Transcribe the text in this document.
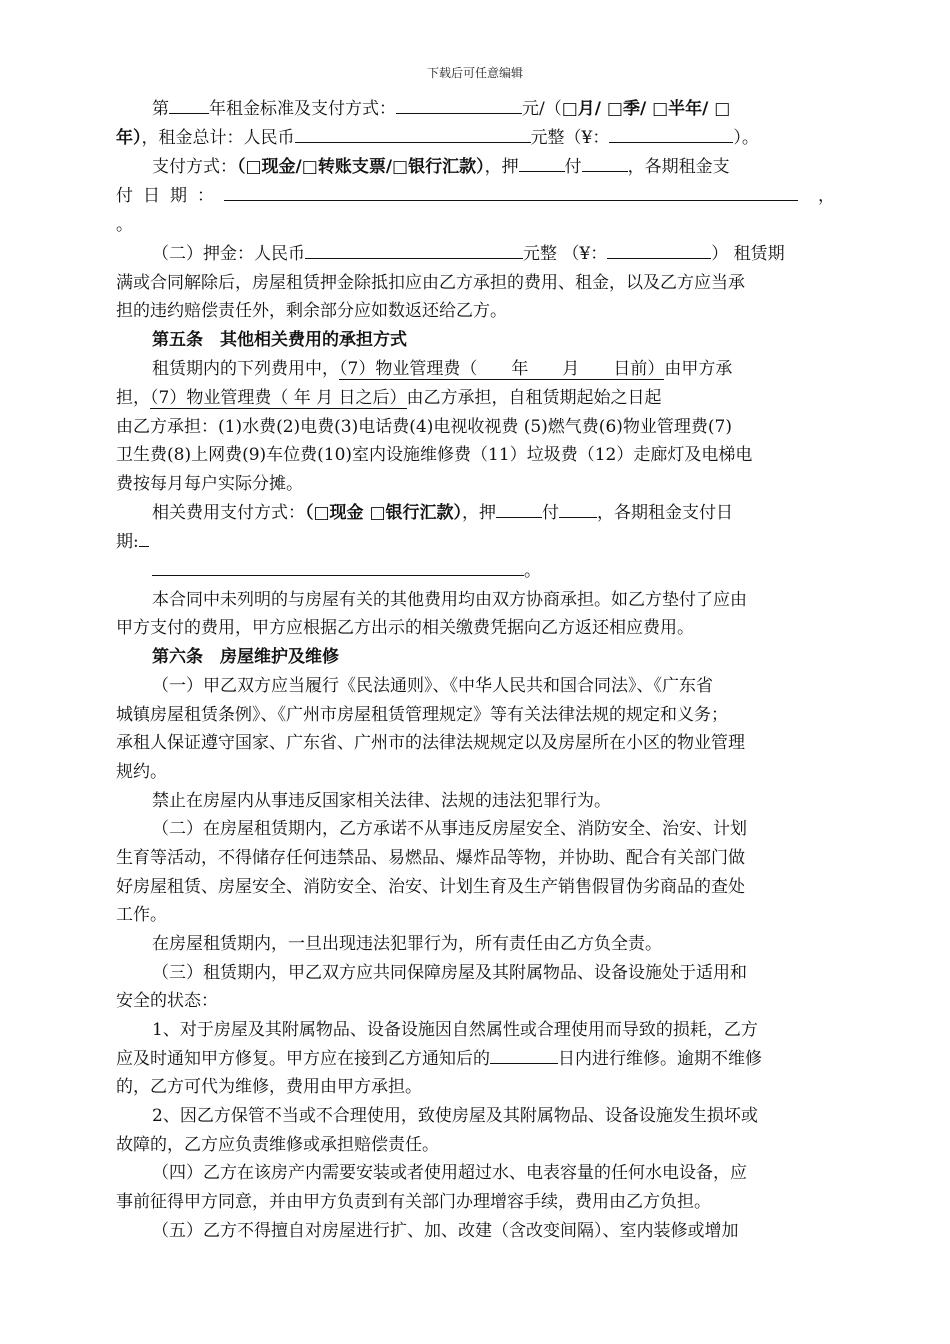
下载后可任意编辑
第 年租金标准及支付方式：	元/（□月/ □季/ □半年/ □
年），租金总计：人民币	元整（¥：	）。
支付方式：（□现金/□转账支票/□银行汇款），押	付	，各期租金支
付日期：	，
。
（二）押金：人民币	元整 （¥：	） 租赁期
满或合同解除后，房屋租赁押金除抵扣应由乙方承担的费用、租金，以及乙方应当承
担的违约赔偿责任外，剩余部分应如数返还给乙方。
第五条　其他相关费用的承担方式
租赁期内的下列费用中，（7）物业管理费（　　年　　月　　日前）由甲方承
担，（7）物业管理费（ 年 月 日之后）由乙方承担，自租赁期起始之日起
由乙方承担：(1)水费(2)电费(3)电话费(4)电视收视费 (5)燃气费(6)物业管理费(7)
卫生费(8)上网费(9)车位费(10)室内设施维修费（11）垃圾费（12）走廊灯及电梯电
费按每月每户实际分摊。
相关费用支付方式：（□现金 □银行汇款），押	付 ，各期租金支付日
期:
。
本合同中未列明的与房屋有关的其他费用均由双方协商承担。如乙方垫付了应由
甲方支付的费用，甲方应根据乙方出示的相关缴费凭据向乙方返还相应费用。
第六条　房屋维护及维修
（一）甲乙双方应当履行《民法通则》、《中华人民共和国合同法》、《广东省
城镇房屋租赁条例》、《广州市房屋租赁管理规定》等有关法律法规的规定和义务；
承租人保证遵守国家、广东省、广州市的法律法规规定以及房屋所在小区的物业管理
规约。
禁止在房屋内从事违反国家相关法律、法规的违法犯罪行为。
（二）在房屋租赁期内，乙方承诺不从事违反房屋安全、消防安全、治安、计划
生育等活动，不得储存任何违禁品、易燃品、爆炸品等物，并协助、配合有关部门做
好房屋租赁、房屋安全、消防安全、治安、计划生育及生产销售假冒伪劣商品的查处
工作。
在房屋租赁期内，一旦出现违法犯罪行为，所有责任由乙方负全责。
（三）租赁期内，甲乙双方应共同保障房屋及其附属物品、设备设施处于适用和
安全的状态：
1、对于房屋及其附属物品、设备设施因自然属性或合理使用而导致的损耗，乙方
应及时通知甲方修复。甲方应在接到乙方通知后的	日内进行维修。逾期不维修
的，乙方可代为维修，费用由甲方承担。
2、因乙方保管不当或不合理使用，致使房屋及其附属物品、设备设施发生损坏或
故障的，乙方应负责维修或承担赔偿责任。
（四）乙方在该房产内需要安装或者使用超过水、电表容量的任何水电设备，应
事前征得甲方同意，并由甲方负责到有关部门办理增容手续，费用由乙方负担。
（五）乙方不得擅自对房屋进行扩、加、改建（含改变间隔）、室内装修或增加
